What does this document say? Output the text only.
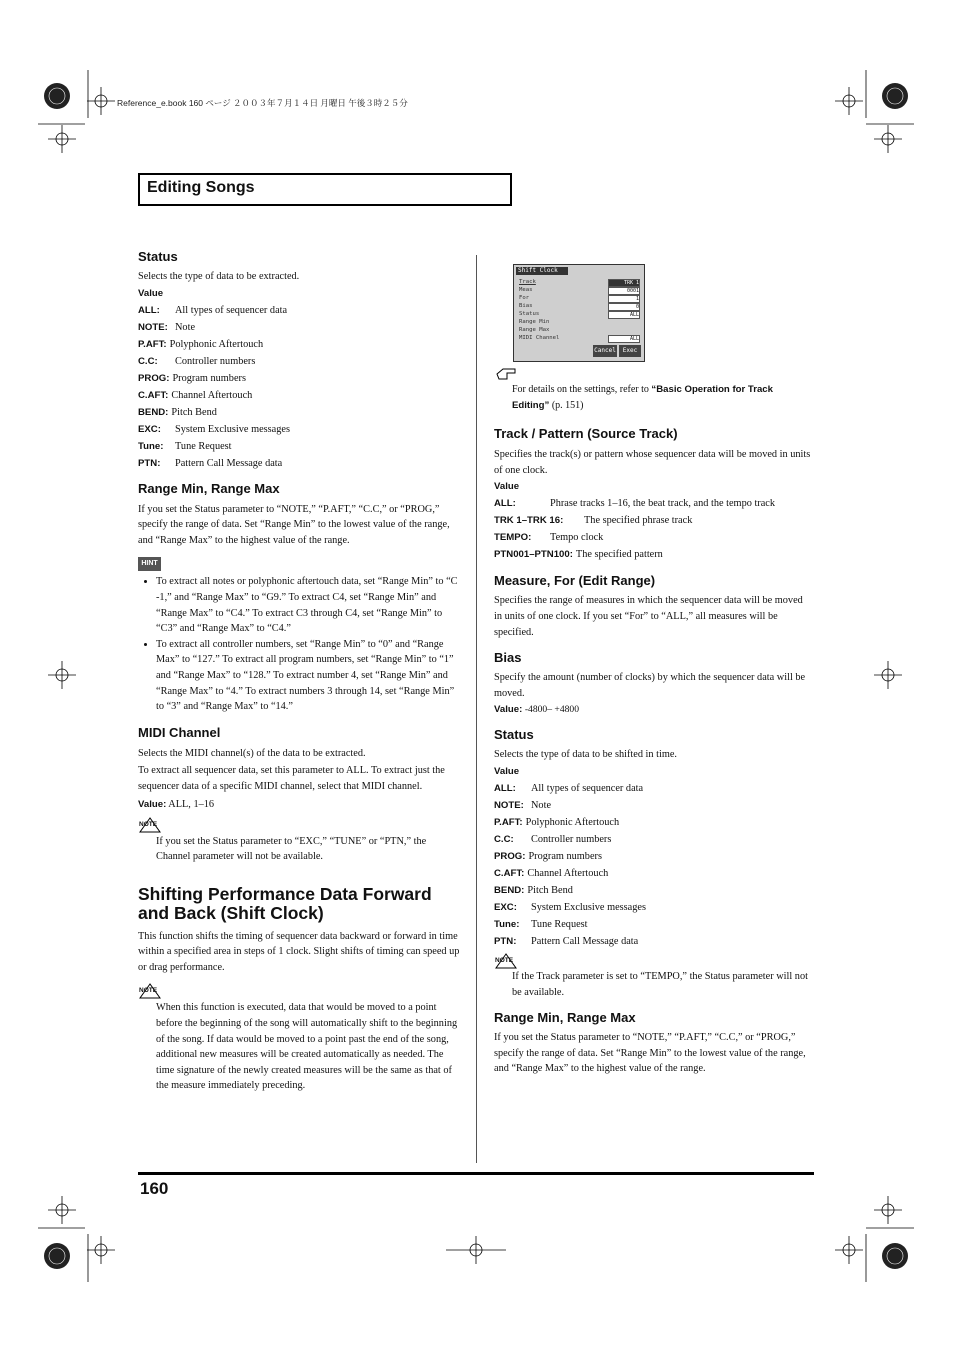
Reference_e.book 160 ページ ２００３年７月１４日 月曜日 午後３時２５分
Editing Songs
Status

Selects the type of data to be extracted.

Value
ALL: All types of sequencer data
NOTE: Note
P.AFT: Polyphonic Aftertouch
C.C: Controller numbers
PROG: Program numbers
C.AFT: Channel Aftertouch
BEND: Pitch Bend
EXC: System Exclusive messages
Tune: Tune Request
PTN: Pattern Call Message data
Range Min, Range Max

If you set the Status parameter to “NOTE,” “P.AFT,” “C.C,” or “PROG,” specify the range of data. Set “Range Min” to the lowest value of the range, and “Range Max” to the highest value of the range.

HINT
• To extract all notes or polyphonic aftertouch data, set “Range Min” to “C -1,” and “Range Max” to “G9.” To extract C4, set “Range Min” and “Range Max” to “C4.” To extract C3 through C4, set “Range Min” to “C3” and “Range Max” to “C4.”
• To extract all controller numbers, set “Range Min” to “0” and “Range Max” to “127.” To extract all program numbers, set “Range Min” to “1” and “Range Max” to “128.” To extract number 4, set “Range Min” and “Range Max” to “4.” To extract numbers 3 through 14, set “Range Min” to “3” and “Range Max” to “14.”
MIDI Channel

Selects the MIDI channel(s) of the data to be extracted.

To extract all sequencer data, set this parameter to ALL. To extract just the sequencer data of a specific MIDI channel, select that MIDI channel.

Value: ALL, 1–16
NOTE

If you set the Status parameter to “EXC,” “TUNE” or “PTN,” the Channel parameter will not be available.

Shifting Performance Data Forward and Back (Shift Clock)

This function shifts the timing of sequencer data backward or forward in time within a specified area in steps of 1 clock. Slight shifts of timing can speed up or drag performance.

NOTE

When this function is executed, data that would be moved to a point before the beginning of the song will automatically shift to the beginning of the song. If data would be moved to a point past the end of the song, additional new measures will be created automatically as needed. The time signature of the newly created measures will be the same as that of the measure immediately preceding.

Shift Clock
Track
Meas
For
Bias
Status
Range Min
Range Max
MIDI Channel
TRK 1
0001
1
0
ALL
ALL
Cancel	Exec

For details on the settings, refer to “Basic Operation for Track Editing” (p. 151)

Track / Pattern (Source Track)

Specifies the track(s) or pattern whose sequencer data will be moved in units of one clock.

Value
ALL:	Phrase tracks 1–16, the beat track, and the tempo track
TRK 1–TRK 16: The specified phrase track
TEMPO: Tempo clock
PTN001–PTN100: The specified pattern
Measure, For (Edit Range)

Specifies the range of measures in which the sequencer data will be moved in units of one clock. If you set “For” to “ALL,” all measures will be specified.

Bias

Specify the amount (number of clocks) by which the sequencer data will be moved.

Value: -4800– +4800
Status

Selects the type of data to be shifted in time.

Value
ALL: All types of sequencer data
NOTE: Note
P.AFT: Polyphonic Aftertouch
C.C: Controller numbers
PROG: Program numbers
C.AFT: Channel Aftertouch
BEND: Pitch Bend
EXC: System Exclusive messages
Tune: Tune Request
PTN: Pattern Call Message data
NOTE

If the Track parameter is set to “TEMPO,” the Status parameter will not be available.

Range Min, Range Max

If you set the Status parameter to “NOTE,” “P.AFT,” “C.C,” or “PROG,” specify the range of data. Set “Range Min” to the lowest value of the range, and “Range Max” to the highest value of the range.

160
